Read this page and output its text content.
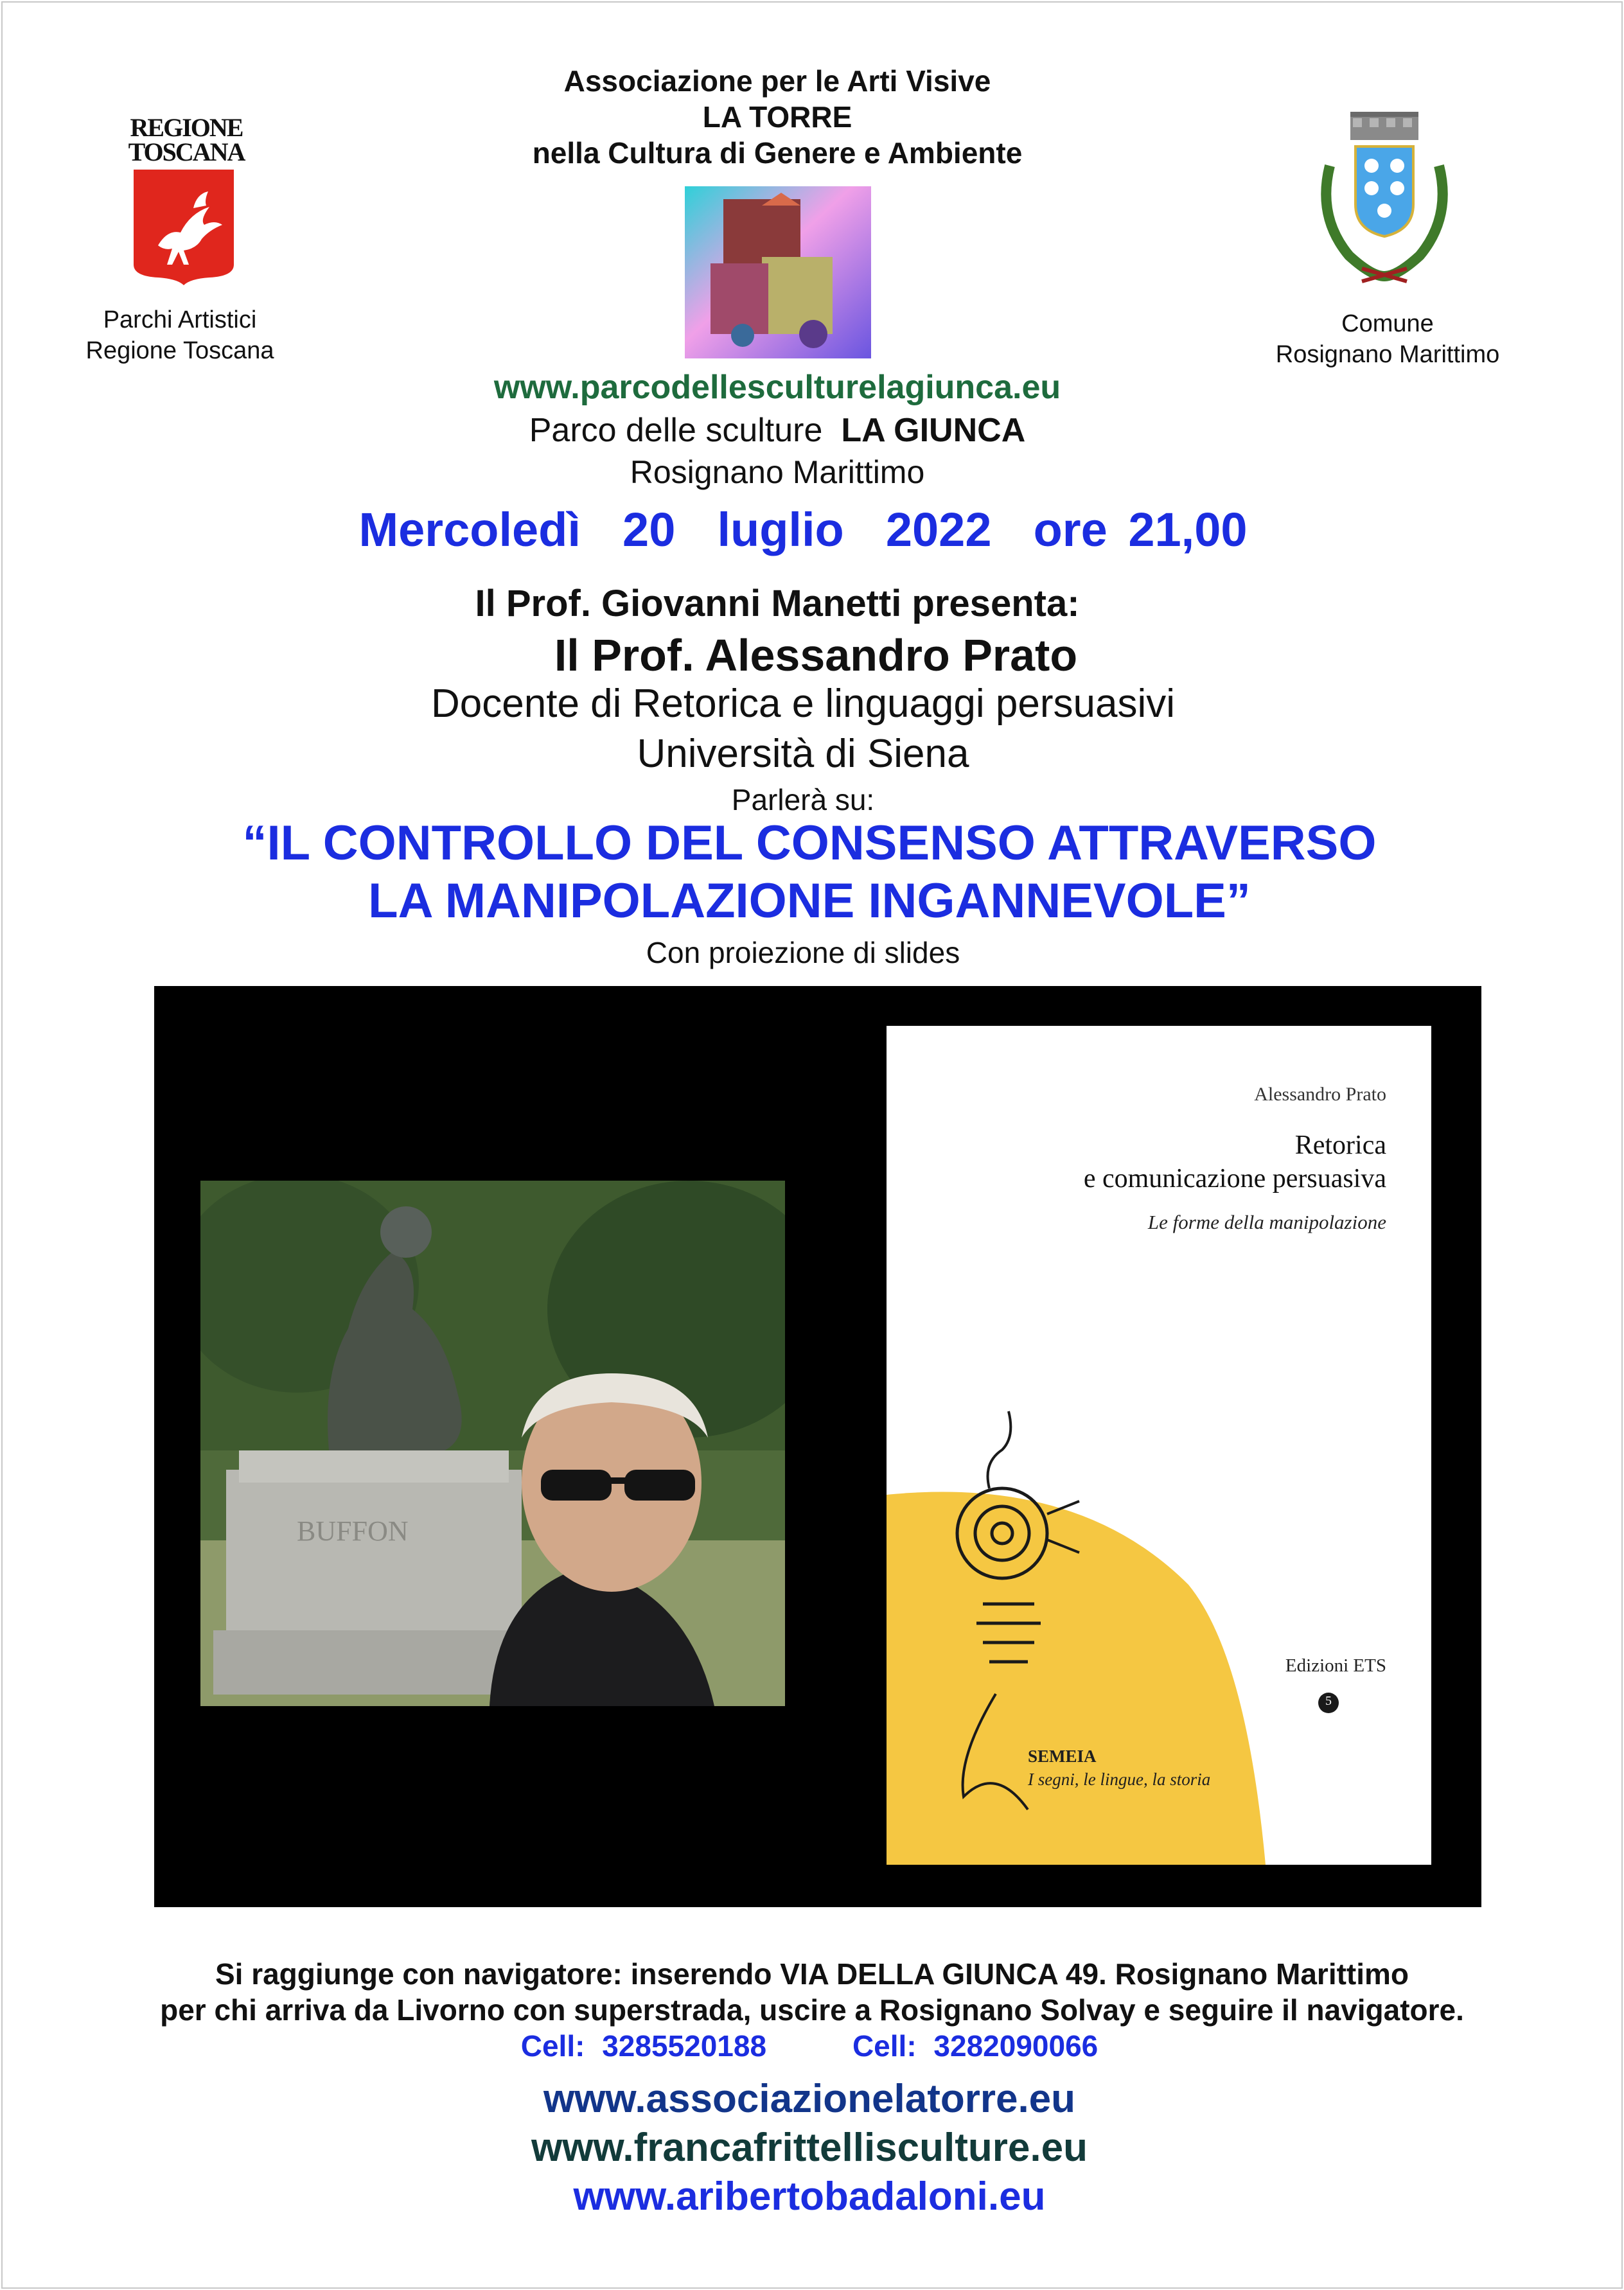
Associazione per le Arti Visive
LA TORRE
nella Cultura di Genere e Ambiente
REGIONE
TOSCANA
Parchi Artistici
Regione Toscana
Comune
Rosignano Marittimo
www.parcodellesculturelagiunca.eu
Parco delle sculture LA GIUNCA
Rosignano Marittimo
Mercoledì  20  luglio  2022  ore 21,00
Il Prof. Giovanni Manetti presenta:
Il Prof. Alessandro Prato
Docente di Retorica e linguaggi persuasivi
Università di Siena
Parlerà su:
“IL CONTROLLO DEL CONSENSO ATTRAVERSO
LA MANIPOLAZIONE INGANNEVOLE”
Con proiezione di slides
BUFFON
Alessandro Prato
Retorica
e comunicazione persuasiva
Le forme della manipolazione
Edizioni ETS
5
SEMEIA
I segni, le lingue, la storia
Si raggiunge con navigatore: inserendo VIA DELLA GIUNCA 49. Rosignano Marittimo
per chi arriva da Livorno con superstrada, uscire a Rosignano Solvay e seguire il navigatore.
Cell: 3285520188	Cell: 3282090066
www.associazionelatorre.eu
www.francafrittellisculture.eu
www.aribertobadaloni.eu
